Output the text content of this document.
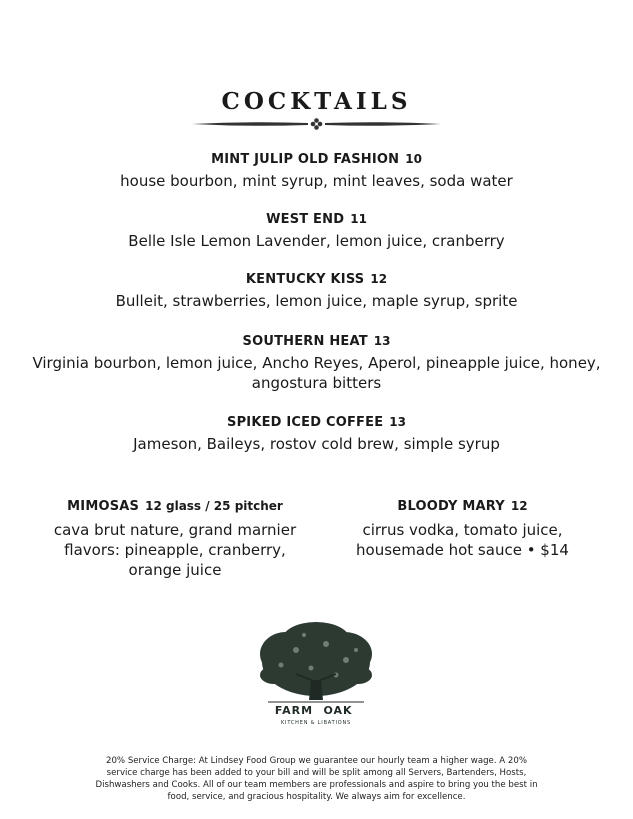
COCKTAILS
MINT JULIP OLD FASHION 10
house bourbon, mint syrup, mint leaves, soda water
WEST END 11
Belle Isle Lemon Lavender, lemon juice, cranberry
KENTUCKY KISS 12
Bulleit, strawberries, lemon juice, maple syrup, sprite
SOUTHERN HEAT 13
Virginia bourbon, lemon juice, Ancho Reyes, Aperol, pineapple juice, honey, angostura bitters
SPIKED ICED COFFEE 13
Jameson, Baileys, rostov cold brew, simple syrup
MIMOSAS 12 glass / 25 pitcher
cava brut nature, grand marnier flavors: pineapple, cranberry, orange juice
BLOODY MARY 12
cirrus vodka, tomato juice, housemade hot sauce • $14
FARM OAK
KITCHEN & LIBATIONS
20% Service Charge: At Lindsey Food Group we guarantee our hourly team a higher wage. A 20% service charge has been added to your bill and will be split among all Servers, Bartenders, Hosts, Dishwashers and Cooks. All of our team members are professionals and aspire to bring you the best in food, service, and gracious hospitality. We always aim for excellence.
